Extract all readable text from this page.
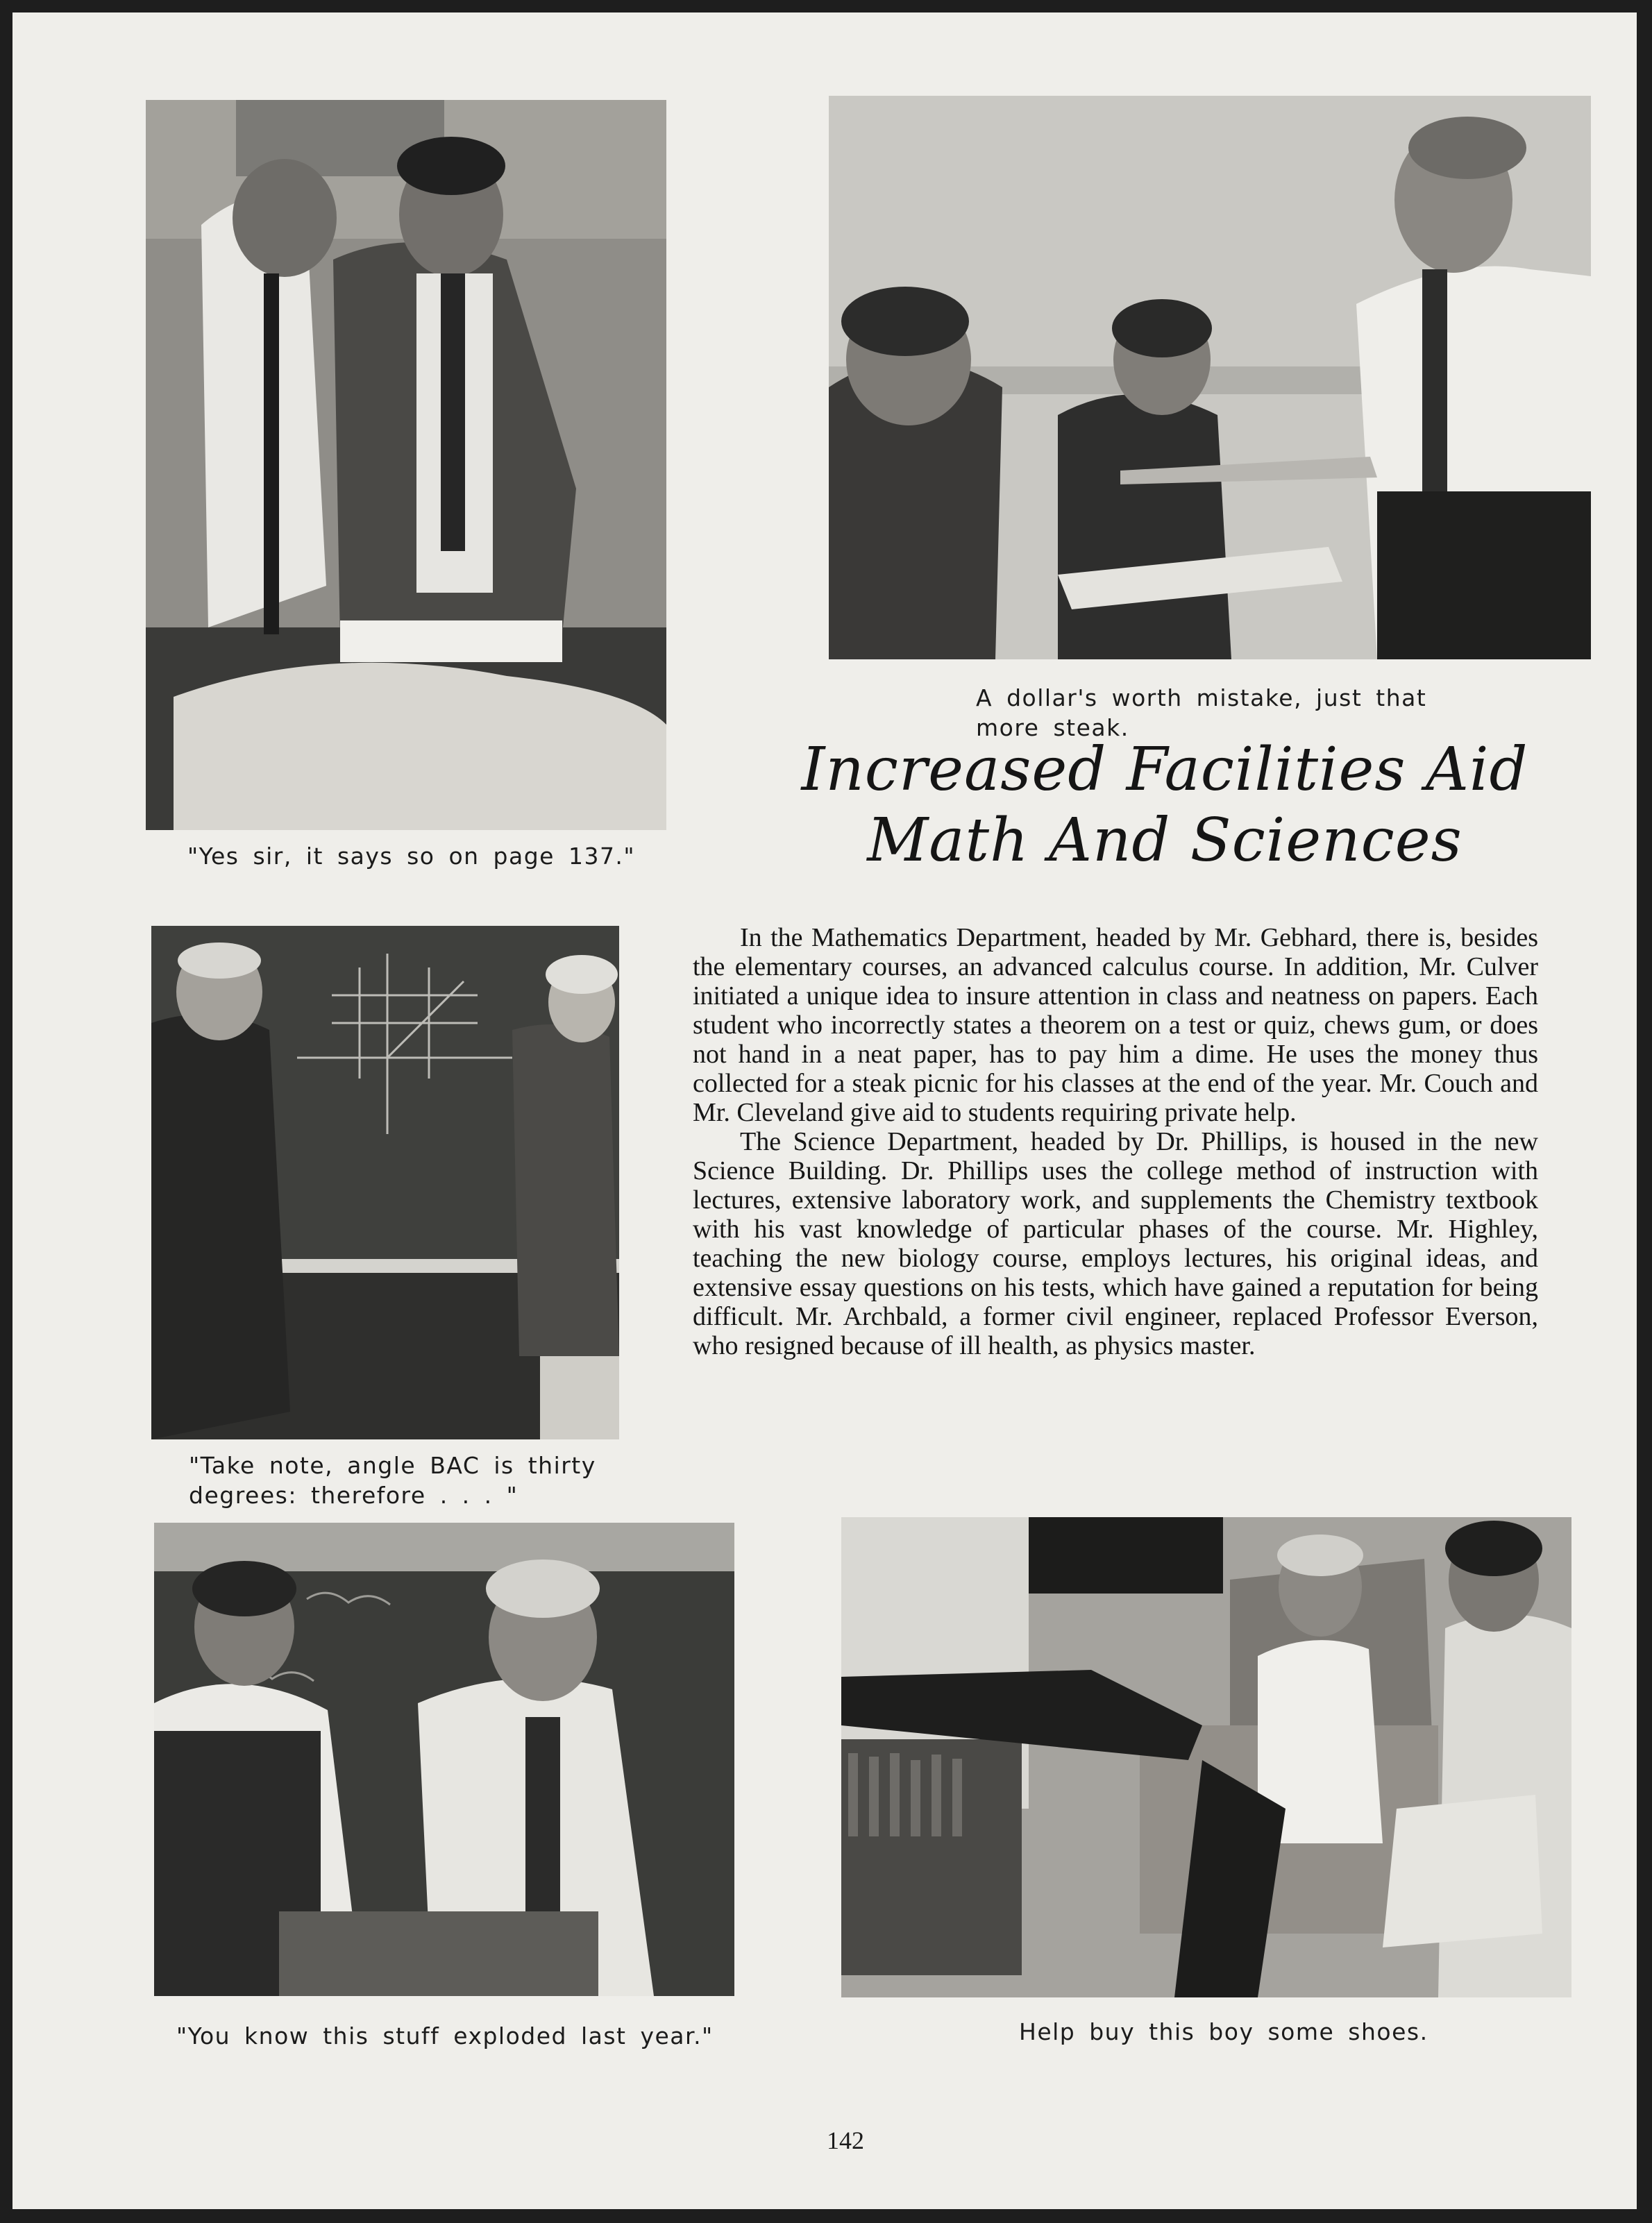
"Yes sir, it says so on page 137."
A dollar's worth mistake, just that more steak.
Increased Facilities Aid
Math And Sciences
"Take note, angle BAC is thirty degrees: therefore . . . "

In the Mathematics Department, headed by Mr. Gebhard, there is, besides the elementary courses, an advanced calculus course. In addition, Mr. Culver initiated a unique idea to insure attention in class and neatness on papers. Each student who incorrectly states a theorem on a test or quiz, chews gum, or does not hand in a neat paper, has to pay him a dime. He uses the money thus collected for a steak picnic for his classes at the end of the year. Mr. Couch and Mr. Cleveland give aid to students requiring private help.

The Science Department, headed by Dr. Phillips, is housed in the new Science Building. Dr. Phillips uses the college method of instruction with lectures, extensive laboratory work, and supplements the Chemistry textbook with his vast knowledge of particular phases of the course. Mr. Highley, teaching the new biology course, employs lectures, his original ideas, and extensive essay questions on his tests, which have gained a reputation for being difficult. Mr. Archbald, a former civil engineer, replaced Professor Everson, who resigned because of ill health, as physics master.

"You know this stuff exploded last year."	Help buy this boy some shoes.
142
